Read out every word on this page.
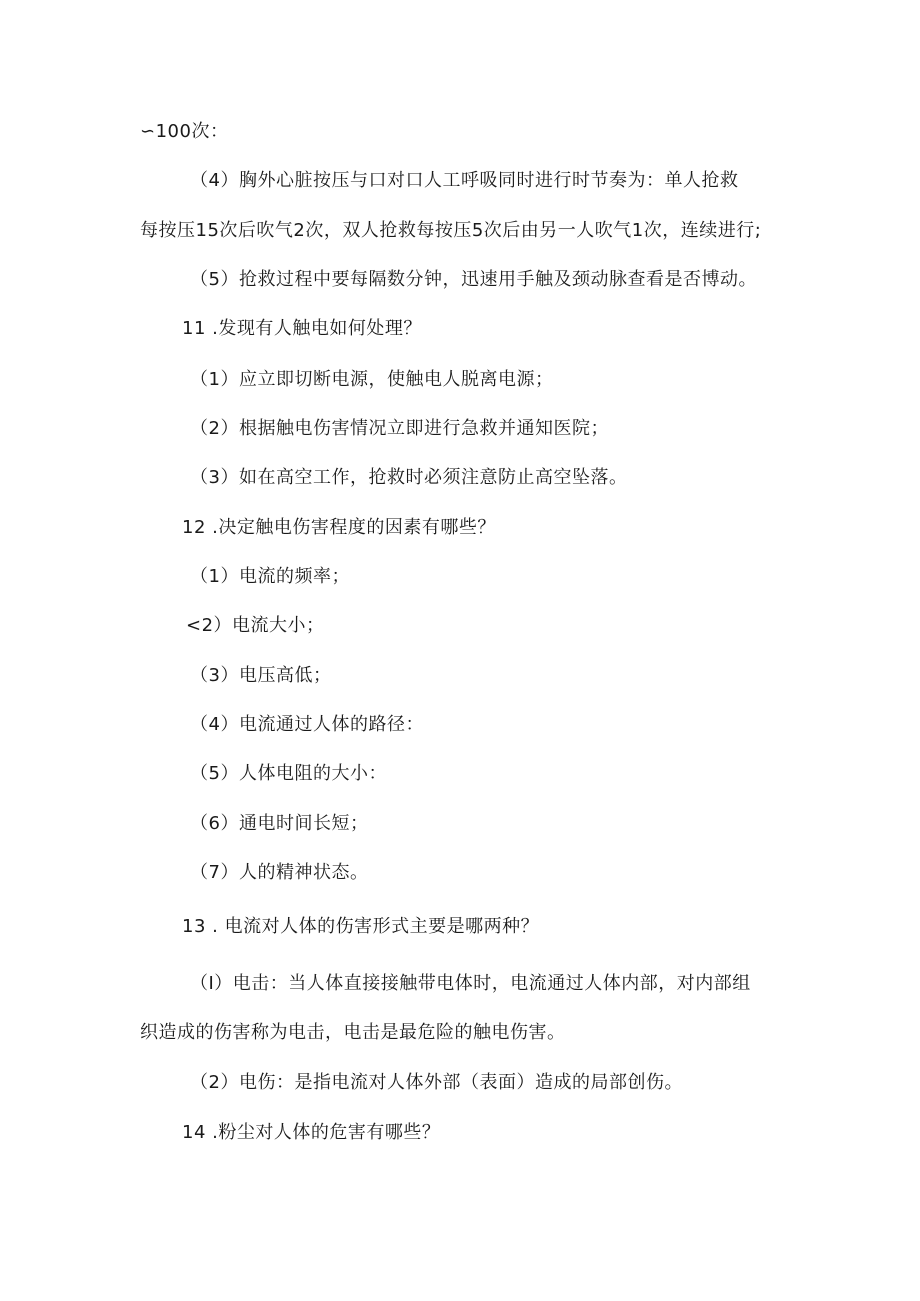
∽100次：
（4）胸外心脏按压与口对口人工呼吸同时进行时节奏为：单人抢救
每按压15次后吹气2次，双人抢救每按压5次后由另一人吹气1次，连续进行;
（5）抢救过程中要每隔数分钟，迅速用手触及颈动脉查看是否博动。
11 .发现有人触电如何处理？
（1）应立即切断电源，使触电人脱离电源；
（2）根据触电伤害情况立即进行急救并通知医院；
（3）如在高空工作，抢救时必须注意防止高空坠落。
12 .决定触电伤害程度的因素有哪些？
（1）电流的频率；
<2）电流大小；
（3）电压高低；
（4）电流通过人体的路径：
（5）人体电阻的大小：
（6）通电时间长短；
（7）人的精神状态。
13 . 电流对人体的伤害形式主要是哪两种？
（I）电击：当人体直接接触带电体时，电流通过人体内部，对内部组
织造成的伤害称为电击，电击是最危险的触电伤害。
（2）电伤：是指电流对人体外部（表面）造成的局部创伤。
14 .粉尘对人体的危害有哪些？
